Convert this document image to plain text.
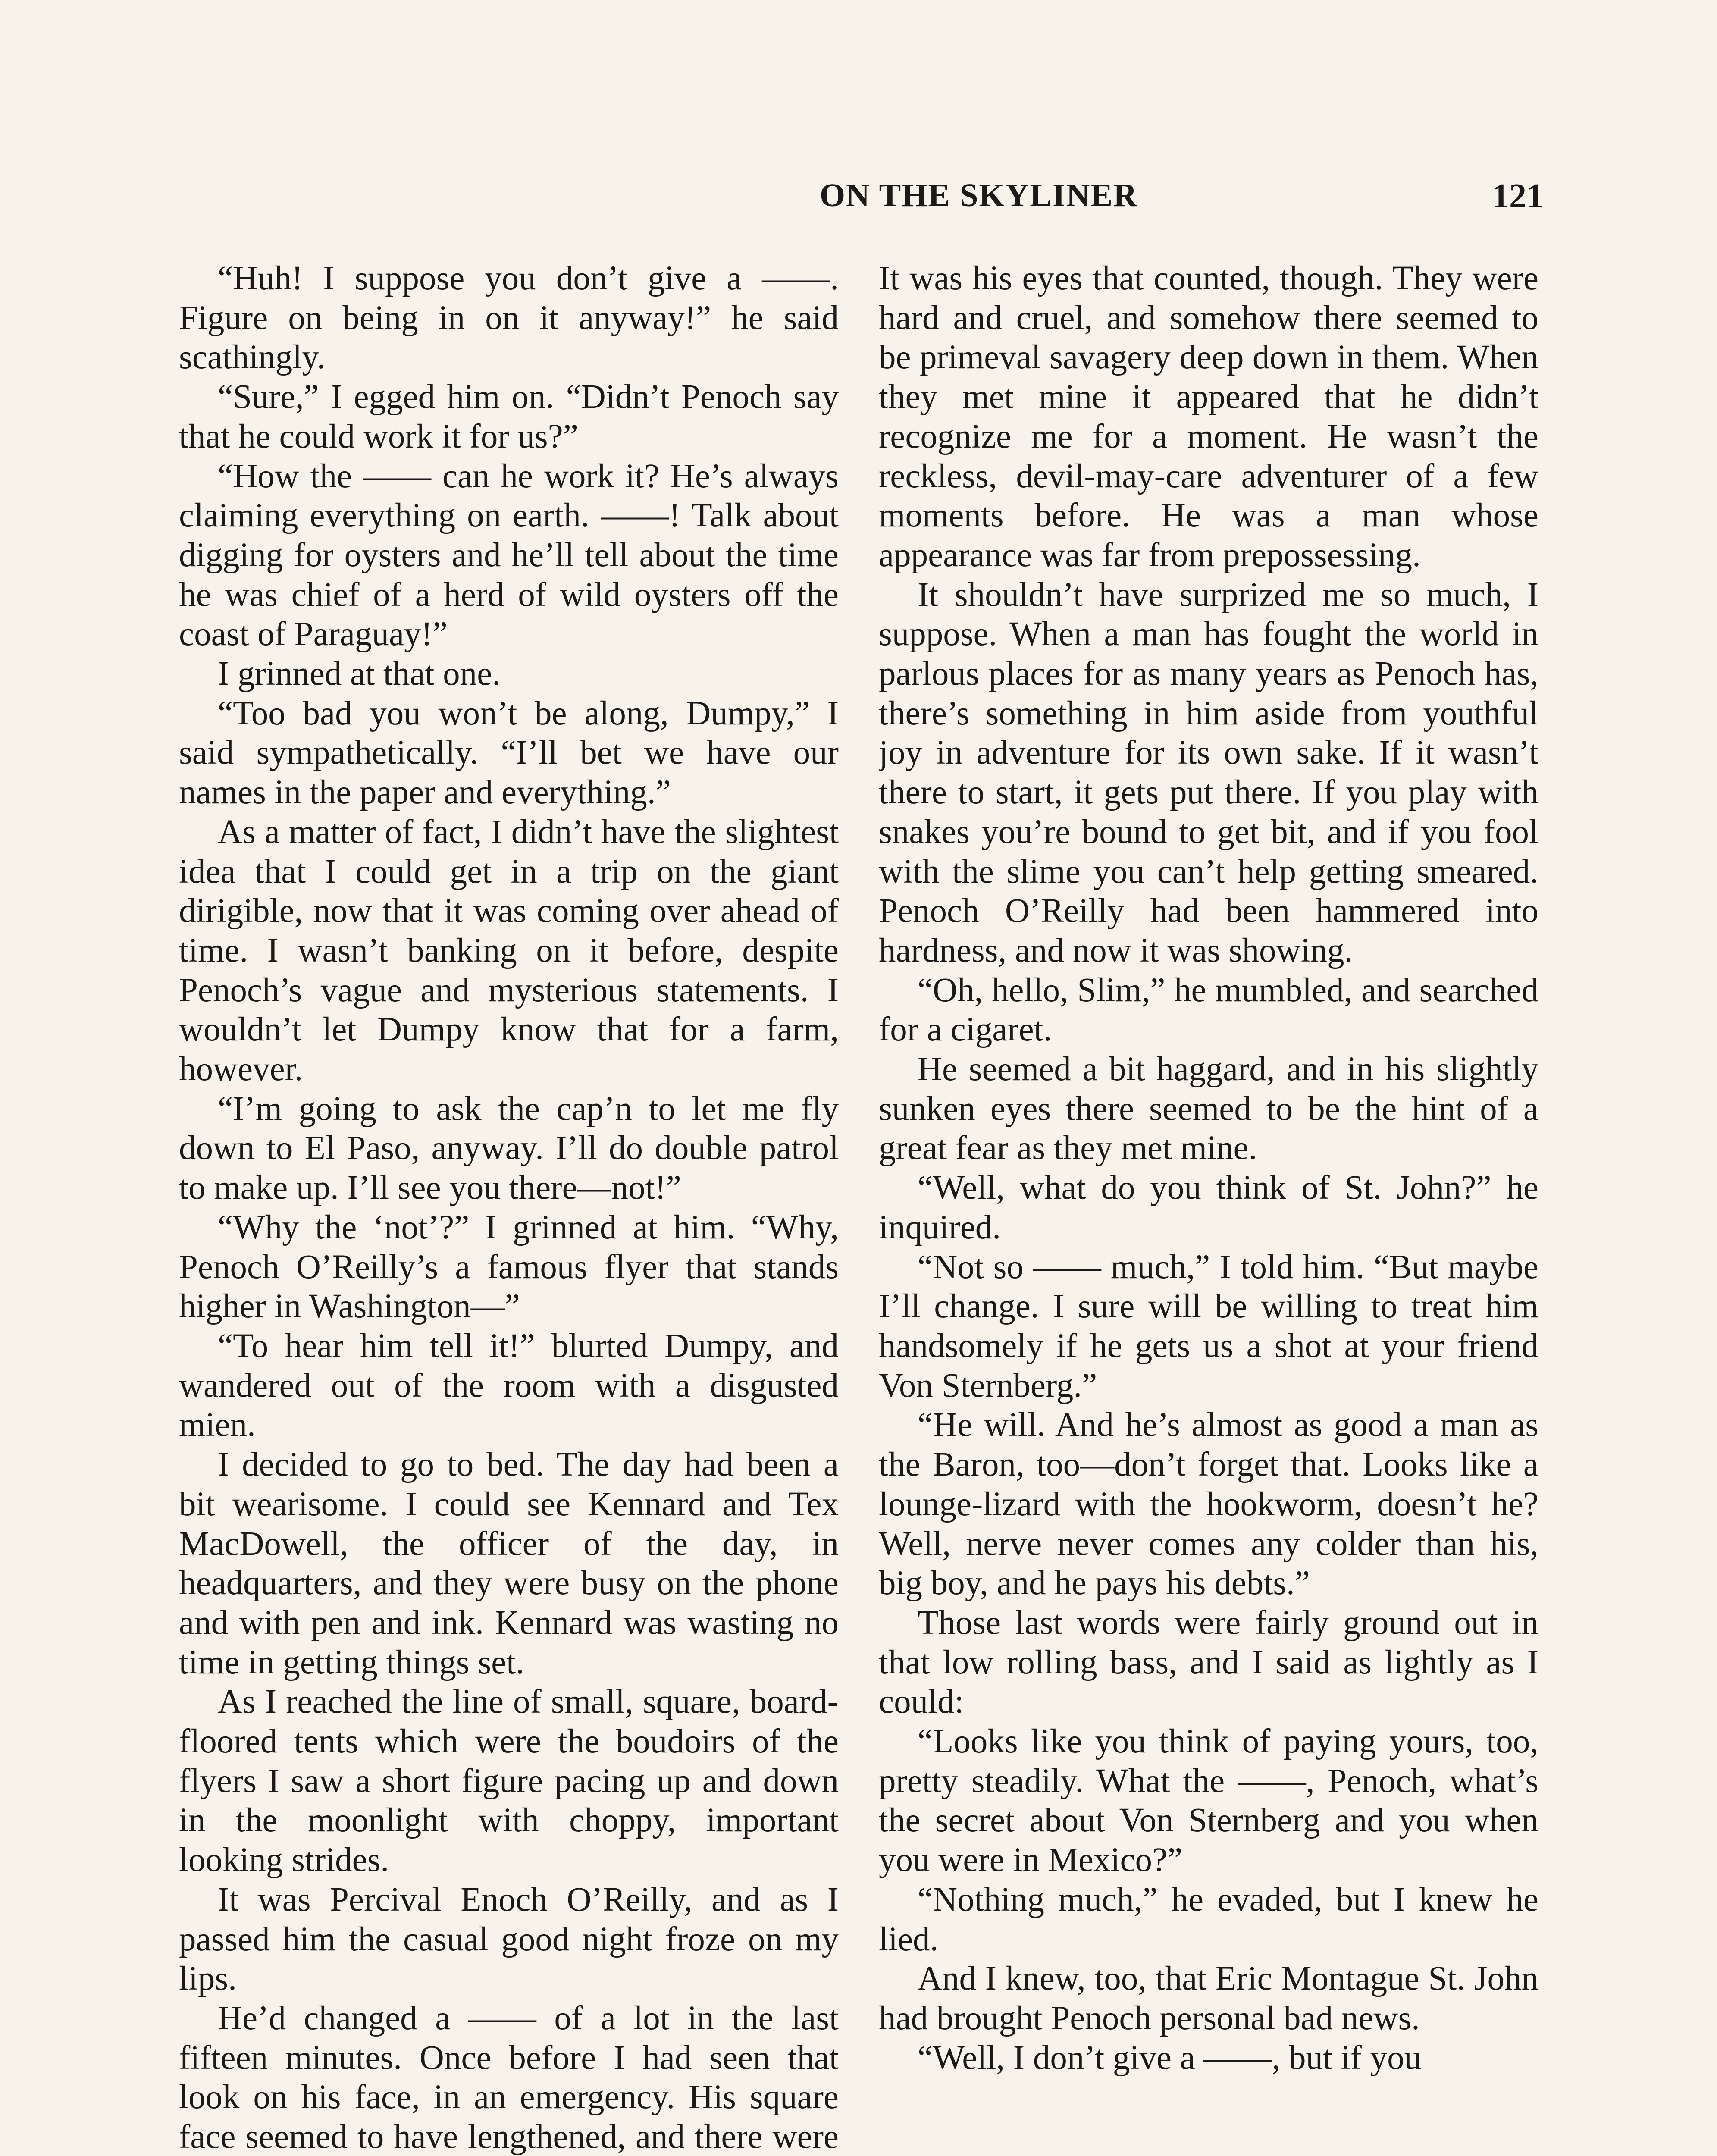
ON THE SKYLINER	121

“Huh! I suppose you don’t give a ——. Figure on being in on it anyway!” he said scathingly.

“Sure,” I egged him on. “Didn’t Penoch say that he could work it for us?”

“How the —— can he work it? He’s always claiming everything on earth. ——! Talk about digging for oysters and he’ll tell about the time he was chief of a herd of wild oysters off the coast of Paraguay!”

I grinned at that one.

“Too bad you won’t be along, Dumpy,” I said sympathetically. “I’ll bet we have our names in the paper and everything.”

As a matter of fact, I didn’t have the slightest idea that I could get in a trip on the giant dirigible, now that it was coming over ahead of time. I wasn’t banking on it before, despite Penoch’s vague and mysterious statements. I wouldn’t let Dumpy know that for a farm, however.

“I’m going to ask the cap’n to let me fly down to El Paso, anyway. I’ll do double patrol to make up. I’ll see you there—not!”

“Why the ‘not’?” I grinned at him. “Why, Penoch O’Reilly’s a famous flyer that stands higher in Washington—”

“To hear him tell it!” blurted Dumpy, and wandered out of the room with a disgusted mien.

I decided to go to bed. The day had been a bit wearisome. I could see Kennard and Tex MacDowell, the officer of the day, in headquarters, and they were busy on the phone and with pen and ink. Kennard was wasting no time in getting things set.

As I reached the line of small, square, board-floored tents which were the boudoirs of the flyers I saw a short figure pacing up and down in the moonlight with choppy, important looking strides.

It was Percival Enoch O’Reilly, and as I passed him the casual good night froze on my lips.

He’d changed a —— of a lot in the last fifteen minutes. Once before I had seen that look on his face, in an emergency. His square face seemed to have lengthened, and there were

It was his eyes that counted, though. They were hard and cruel, and somehow there seemed to be primeval savagery deep down in them. When they met mine it appeared that he didn’t recognize me for a moment. He wasn’t the reckless, devil-may-care adventurer of a few moments before. He was a man whose appearance was far from prepossessing.

It shouldn’t have surprized me so much, I suppose. When a man has fought the world in parlous places for as many years as Penoch has, there’s something in him aside from youthful joy in adventure for its own sake. If it wasn’t there to start, it gets put there. If you play with snakes you’re bound to get bit, and if you fool with the slime you can’t help getting smeared. Penoch O’Reilly had been hammered into hardness, and now it was showing.

“Oh, hello, Slim,” he mumbled, and searched for a cigaret.

He seemed a bit haggard, and in his slightly sunken eyes there seemed to be the hint of a great fear as they met mine.

“Well, what do you think of St. John?” he inquired.

“Not so —— much,” I told him. “But maybe I’ll change. I sure will be willing to treat him handsomely if he gets us a shot at your friend Von Sternberg.”

“He will. And he’s almost as good a man as the Baron, too—don’t forget that. Looks like a lounge-lizard with the hookworm, doesn’t he? Well, nerve never comes any colder than his, big boy, and he pays his debts.”

Those last words were fairly ground out in that low rolling bass, and I said as lightly as I could:

“Looks like you think of paying yours, too, pretty steadily. What the ——, Penoch, what’s the secret about Von Sternberg and you when you were in Mexico?”

“Nothing much,” he evaded, but I knew he lied.

And I knew, too, that Eric Montague St. John had brought Penoch personal bad news.

“Well, I don’t give a ——, but if you
